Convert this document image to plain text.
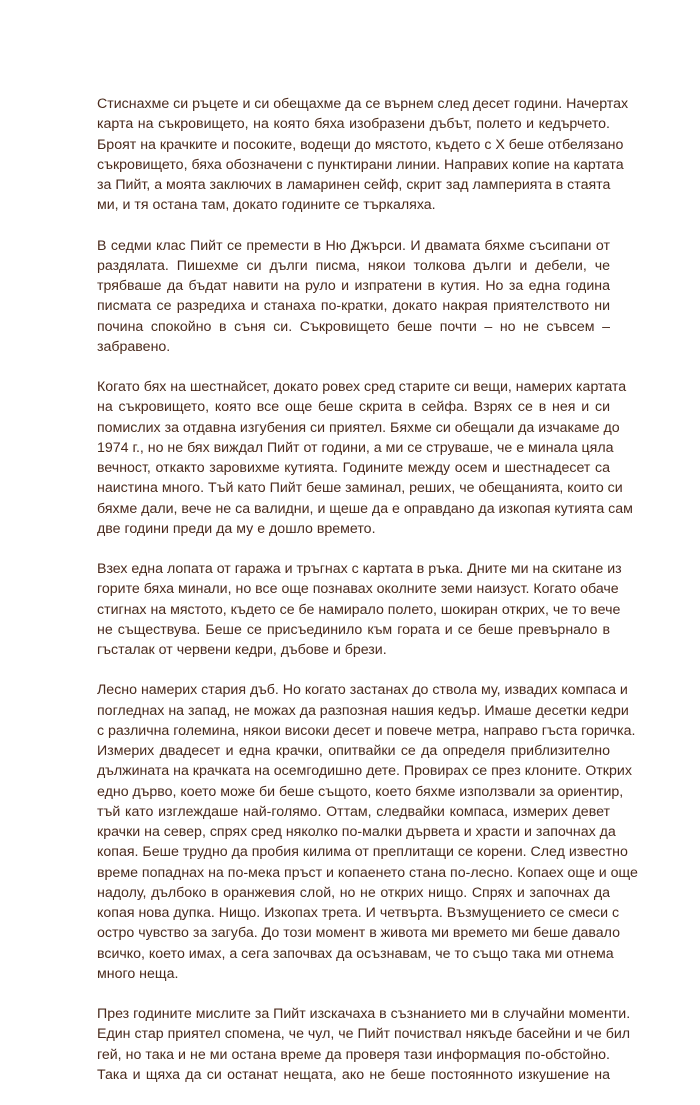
Стиснахме си ръцете и си обещахме да се върнем след десет години. Начертах
карта на съкровището, на която бяха изобразени дъбът, полето и кедърчето.
Броят на крачките и посоките, водещи до мястото, където с Х беше отбелязано
съкровището, бяха обозначени с пунктирани линии. Направих копие на картата
за Пийт, а моята заключих в ламаринен сейф, скрит зад ламперията в стаята
ми, и тя остана там, докато годините се търкаляха.

В седми клас Пийт се премести в Ню Джърси. И двамата бяхме съсипани от
раздялата. Пишехме си дълги писма, някои толкова дълги и дебели, че
трябваше да бъдат навити на руло и изпратени в кутия. Но за една година
писмата се разредиха и станаха по-кратки, докато накрая приятелството ни
почина спокойно в съня си. Съкровището беше почти – но не съвсем –
забравено.

Когато бях на шестнайсет, докато ровех сред старите си вещи, намерих картата
на съкровището, която все още беше скрита в сейфа. Взрях се в нея и си
помислих за отдавна изгубения си приятел. Бяхме си обещали да изчакаме до
1974 г., но не бях виждал Пийт от години, а ми се струваше, че е минала цяла
вечност, откакто заровихме кутията. Годините между осем и шестнадесет са
наистина много. Тъй като Пийт беше заминал, реших, че обещанията, които си
бяхме дали, вече не са валидни, и щеше да е оправдано да изкопая кутията сам
две години преди да му е дошло времето.

Взех една лопата от гаража и тръгнах с картата в ръка. Дните ми на скитане из
горите бяха минали, но все още познавах околните земи наизуст. Когато обаче
стигнах на мястото, където се бе намирало полето, шокиран открих, че то вече
не съществува. Беше се присъединило към гората и се беше превърнало в
гъсталак от червени кедри, дъбове и брези.

Лесно намерих стария дъб. Но когато застанах до ствола му, извадих компаса и
погледнах на запад, не можах да разпозная нашия кедър. Имаше десетки кедри
с различна големина, някои високи десет и повече метра, направо гъста горичка.
Измерих двадесет и една крачки, опитвайки се да определя приблизително
дължината на крачката на осемгодишно дете. Провирах се през клоните. Открих
едно дърво, което може би беше същото, което бяхме използвали за ориентир,
тъй като изглеждаше най-голямо. Оттам, следвайки компаса, измерих девет
крачки на север, спрях сред няколко по-малки дървета и храсти и започнах да
копая. Беше трудно да пробия килима от преплитащи се корени. След известно
време попаднах на по-мека пръст и копаенето стана по-лесно. Копаех още и още
надолу, дълбоко в оранжевия слой, но не открих нищо. Спрях и започнах да
копая нова дупка. Нищо. Изкопах трета. И четвърта. Възмущението се смеси с
остро чувство за загуба. До този момент в живота ми времето ми беше давало
всичко, което имах, а сега започвах да осъзнавам, че то също така ми отнема
много неща.

През годините мислите за Пийт изскачаха в съзнанието ми в случайни моменти.
Един стар приятел спомена, че чул, че Пийт почиствал някъде басейни и че бил
гей, но така и не ми остана време да проверя тази информация по-обстойно.
Така и щяха да си останат нещата, ако не беше постоянното изкушение на
